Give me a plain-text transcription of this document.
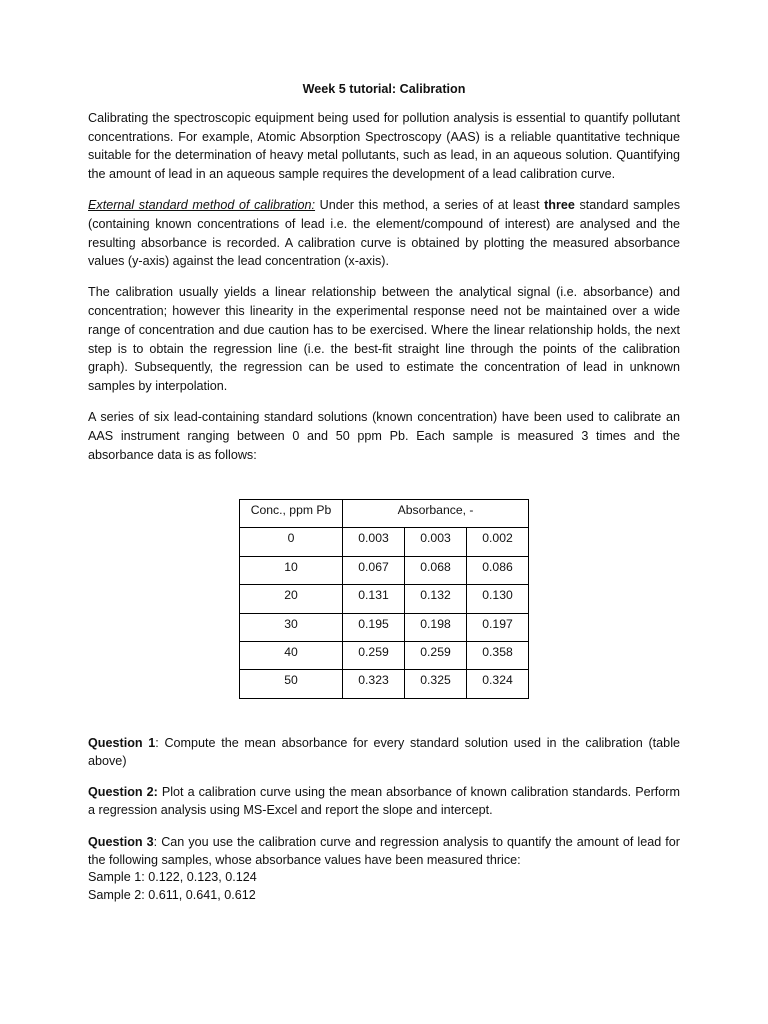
Week 5 tutorial: Calibration

Calibrating the spectroscopic equipment being used for pollution analysis is essential to quantify pollutant concentrations. For example, Atomic Absorption Spectroscopy (AAS) is a reliable quantitative technique suitable for the determination of heavy metal pollutants, such as lead, in an aqueous solution. Quantifying the amount of lead in an aqueous sample requires the development of a lead calibration curve.

External standard method of calibration: Under this method, a series of at least three standard samples (containing known concentrations of lead i.e. the element/compound of interest) are analysed and the resulting absorbance is recorded. A calibration curve is obtained by plotting the measured absorbance values (y-axis) against the lead concentration (x-axis).

The calibration usually yields a linear relationship between the analytical signal (i.e. absorbance) and concentration; however this linearity in the experimental response need not be maintained over a wide range of concentration and due caution has to be exercised. Where the linear relationship holds, the next step is to obtain the regression line (i.e. the best-fit straight line through the points of the calibration graph). Subsequently, the regression can be used to estimate the concentration of lead in unknown samples by interpolation.

A series of six lead-containing standard solutions (known concentration) have been used to calibrate an AAS instrument ranging between 0 and 50 ppm Pb. Each sample is measured 3 times and the absorbance data is as follows:

Conc., ppm Pb	Absorbance, -		
0	0.003	0.003	0.002
10	0.067	0.068	0.086
20	0.131	0.132	0.130
30	0.195	0.198	0.197
40	0.259	0.259	0.358
50	0.323	0.325	0.324
Question 1: Compute the mean absorbance for every standard solution used in the calibration (table above)
Question 2: Plot a calibration curve using the mean absorbance of known calibration standards. Perform a regression analysis using MS-Excel and report the slope and intercept.
Question 3: Can you use the calibration curve and regression analysis to quantify the amount of lead for the following samples, whose absorbance values have been measured thrice:
Sample 1: 0.122, 0.123, 0.124
Sample 2: 0.611, 0.641, 0.612
